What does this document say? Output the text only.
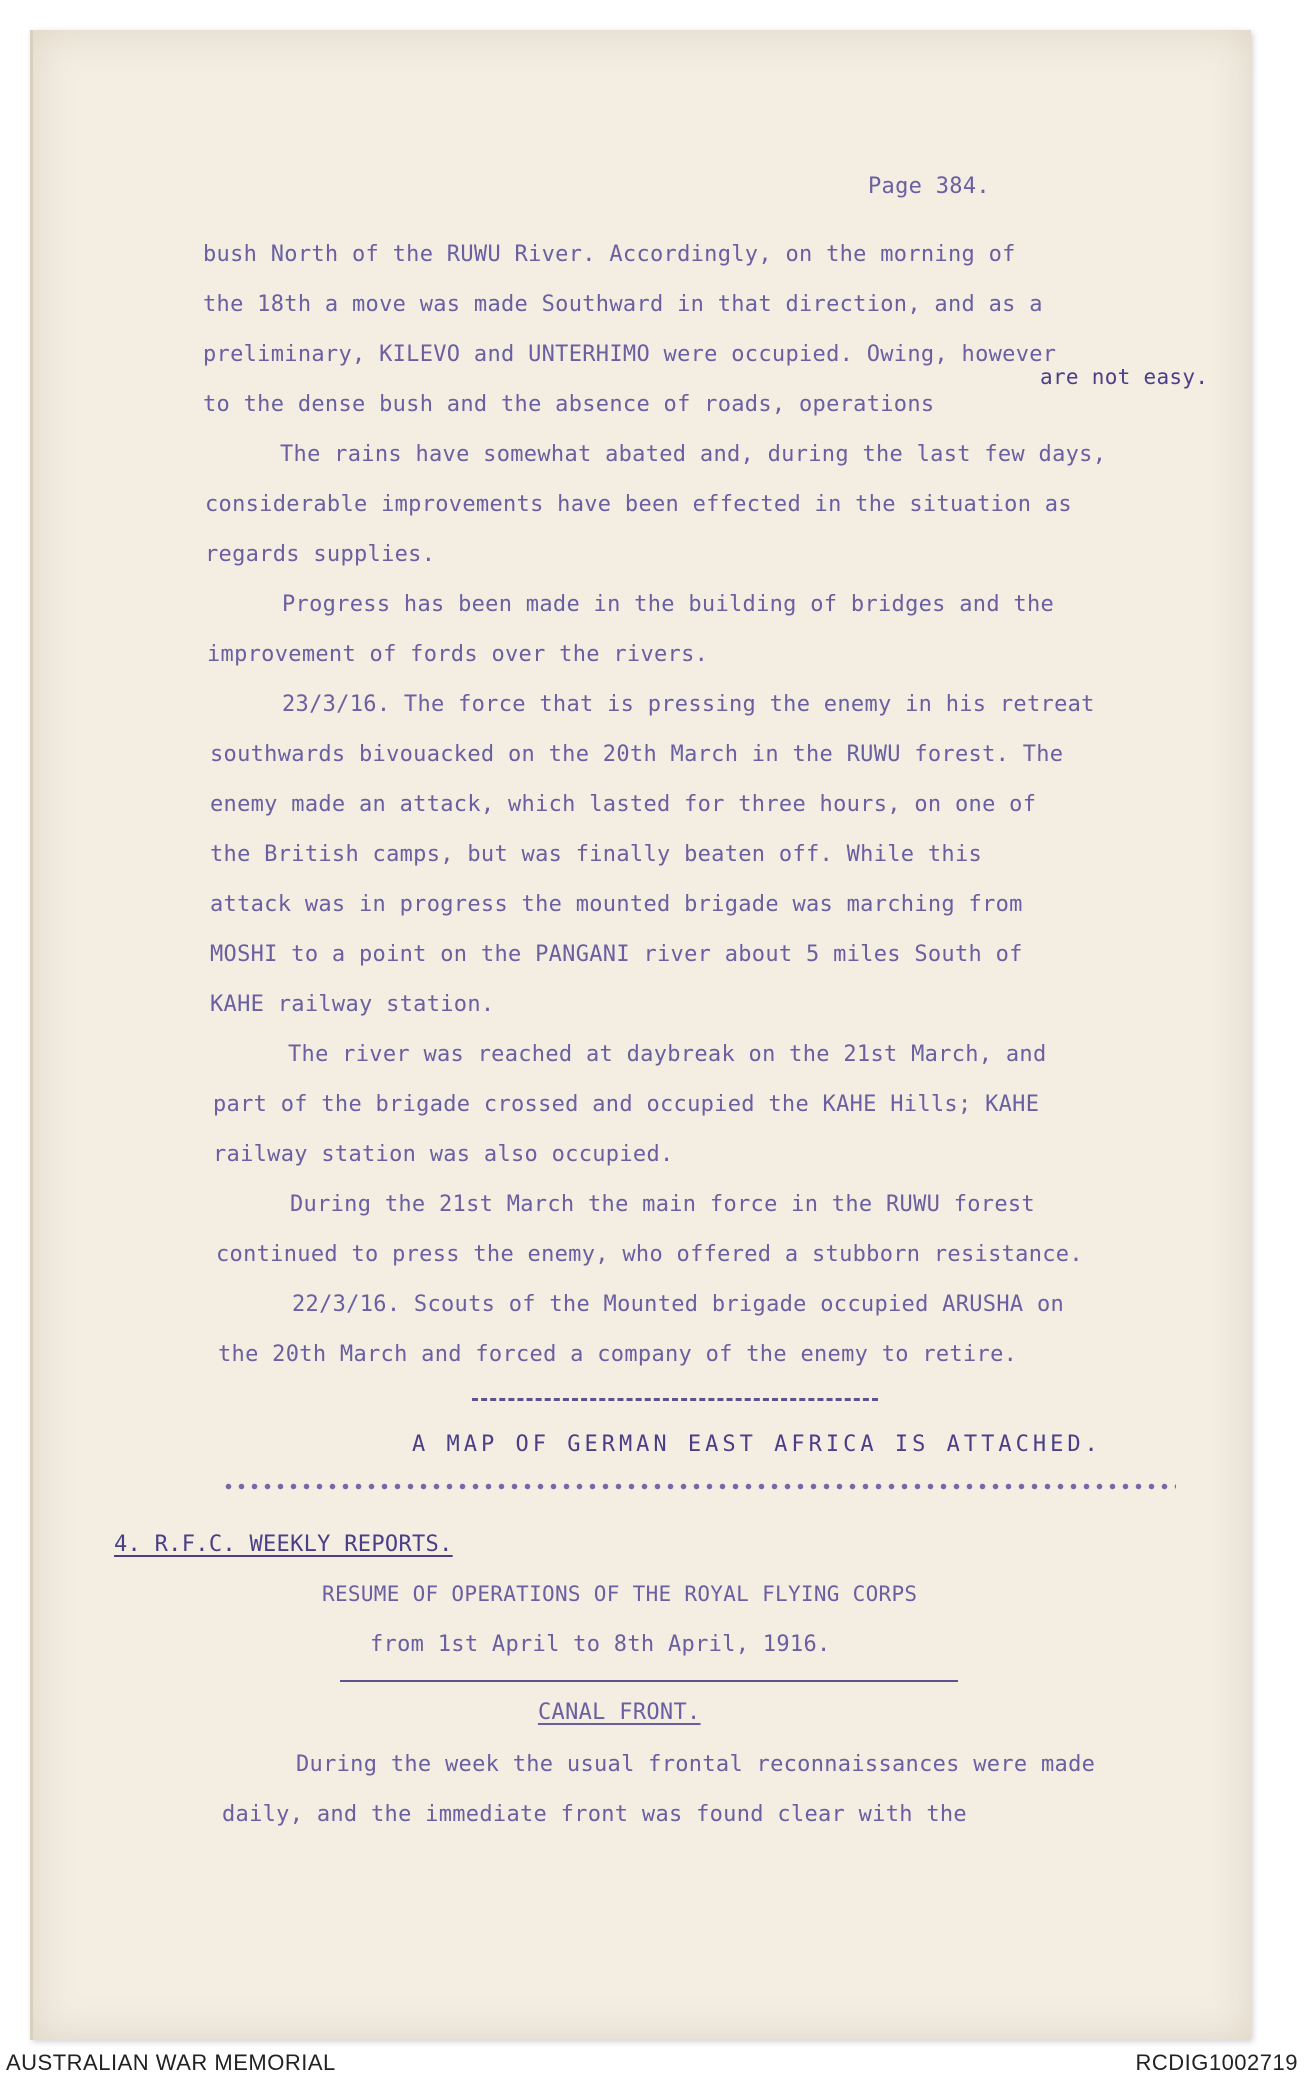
Page 384.

bush North of the RUWU River. Accordingly, on the morning of

the 18th a move was made Southward in that direction, and as a

preliminary, KILEVO and UNTERHIMO were occupied. Owing, however

to the dense bush and the absence of roads, operations

are not easy.

The rains have somewhat abated and, during the last few days,

considerable improvements have been effected in the situation as

regards supplies.

Progress has been made in the building of bridges and the

improvement of fords over the rivers.

23/3/16. The force that is pressing the enemy in his retreat

southwards bivouacked on the 20th March in the RUWU forest. The

enemy made an attack, which lasted for three hours, on one of

the British camps, but was finally beaten off. While this

attack was in progress the mounted brigade was marching from

MOSHI to a point on the PANGANI river about 5 miles South of

KAHE railway station.

The river was reached at daybreak on the 21st March, and

part of the brigade crossed and occupied the KAHE Hills; KAHE

railway station was also occupied.

During the 21st March the main force in the RUWU forest

continued to press the enemy, who offered a stubborn resistance.

22/3/16. Scouts of the Mounted brigade occupied ARUSHA on

the 20th March and forced a company of the enemy to retire.

A MAP OF GERMAN EAST AFRICA IS ATTACHED.

4. R.F.C. WEEKLY REPORTS.

RESUME OF OPERATIONS OF THE ROYAL FLYING CORPS

from 1st April to 8th April, 1916.

CANAL FRONT.

During the week the usual frontal reconnaissances were made

daily, and the immediate front was found clear with the

AUSTRALIAN WAR MEMORIAL	RCDIG1002719
